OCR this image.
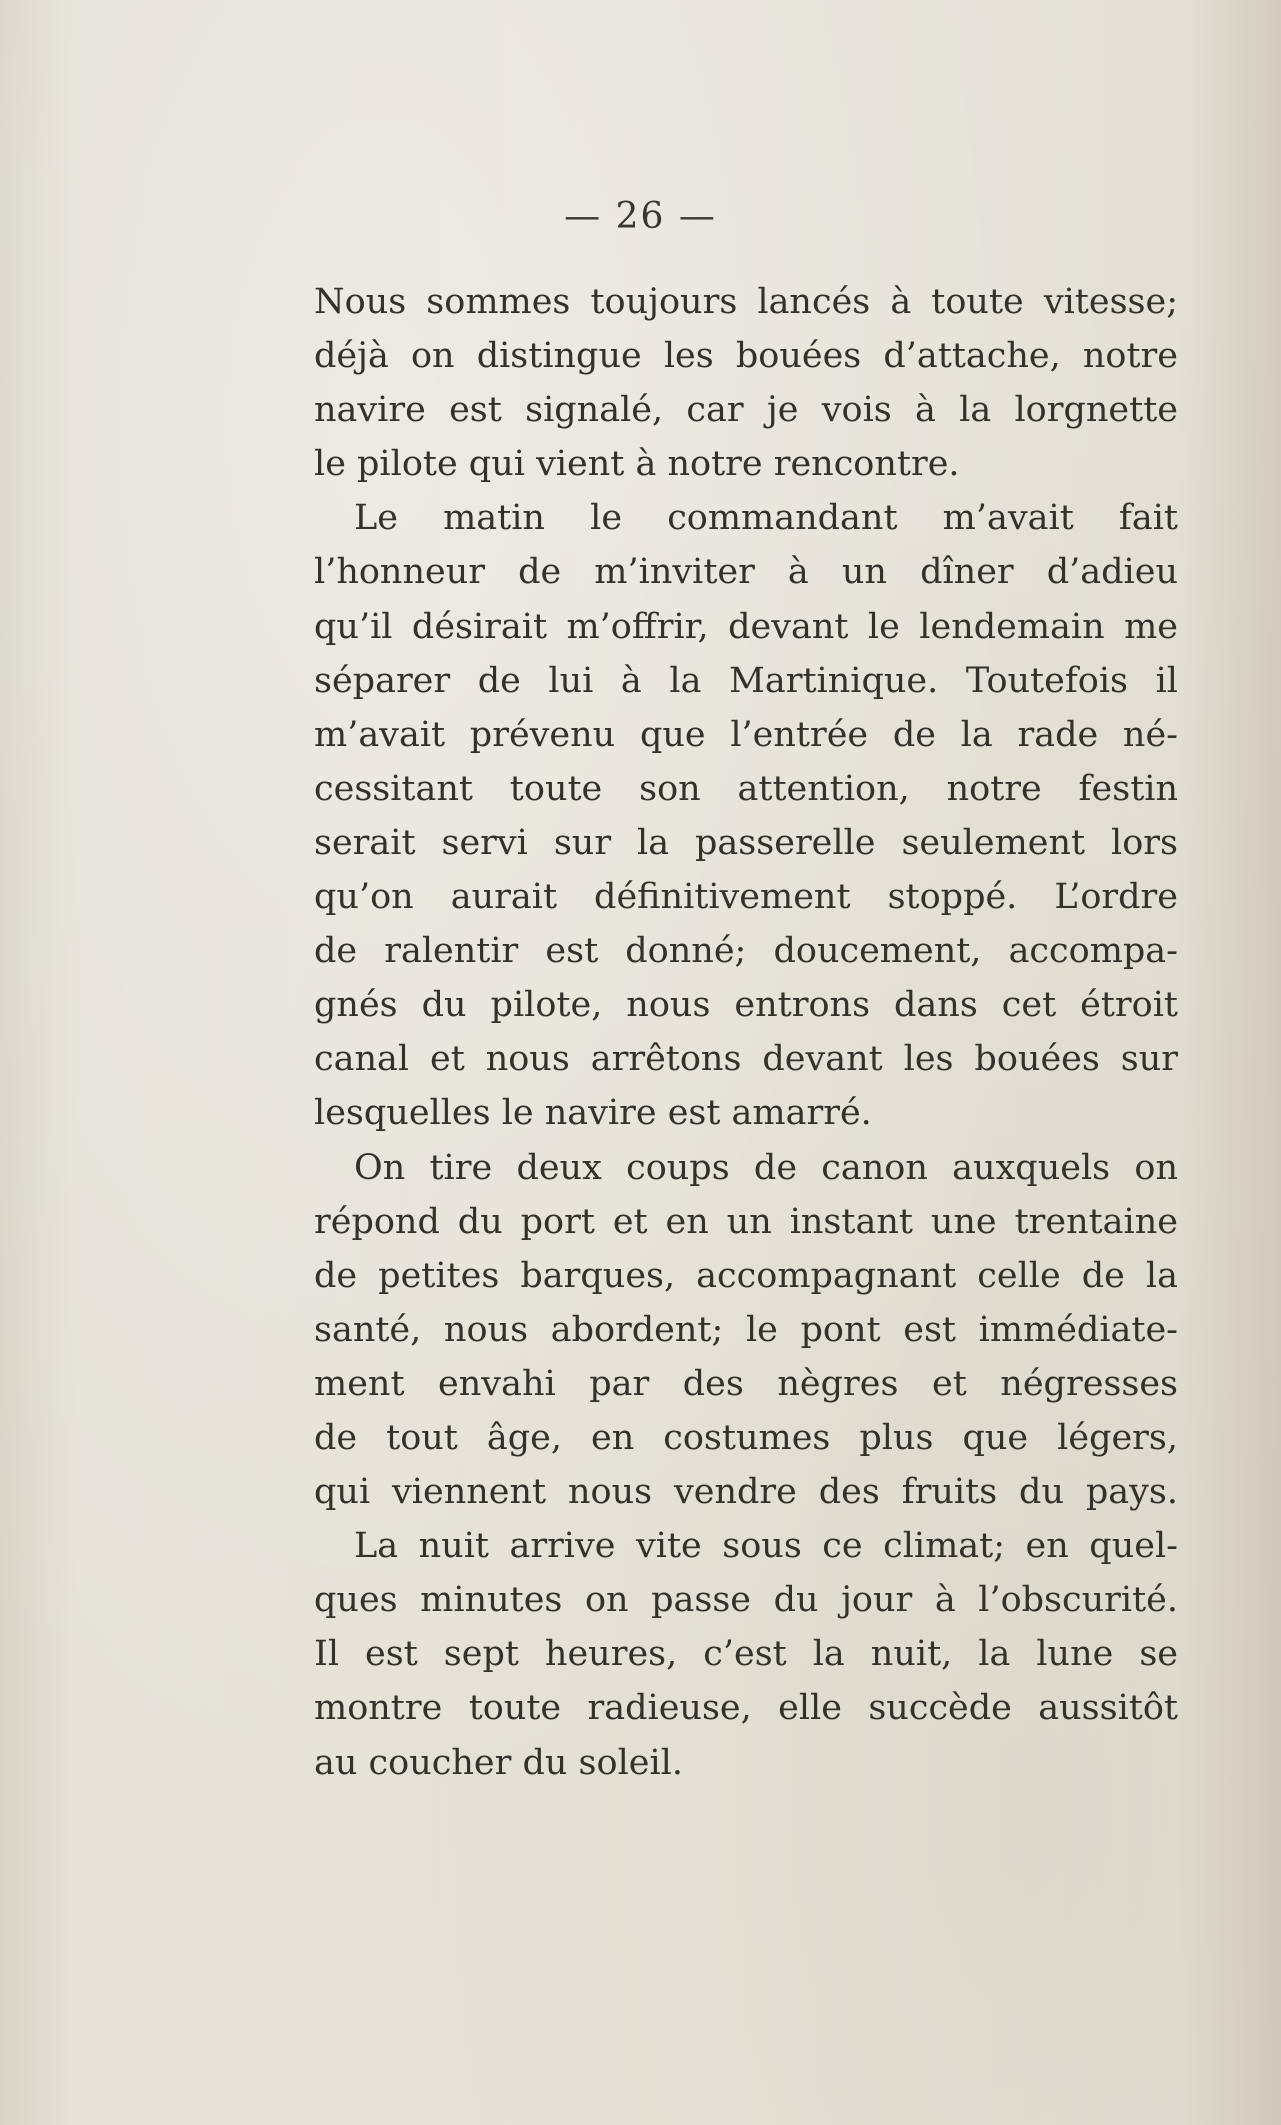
— 26 —
Nous sommes toujours lancés à toute vitesse;
déjà on distingue les bouées d’attache, notre
navire est signalé, car je vois à la lorgnette
le pilote qui vient à notre rencontre.
Le matin le commandant m’avait fait
l’honneur de m’inviter à un dîner d’adieu
qu’il désirait m’offrir, devant le lendemain me
séparer de lui à la Martinique. Toutefois il
m’avait prévenu que l’entrée de la rade né-
cessitant toute son attention, notre festin
serait servi sur la passerelle seulement lors
qu’on aurait définitivement stoppé. L’ordre
de ralentir est donné; doucement, accompa-
gnés du pilote, nous entrons dans cet étroit
canal et nous arrêtons devant les bouées sur
lesquelles le navire est amarré.
On tire deux coups de canon auxquels on
répond du port et en un instant une trentaine
de petites barques, accompagnant celle de la
santé, nous abordent; le pont est immédiate-
ment envahi par des nègres et négresses
de tout âge, en costumes plus que légers,
qui viennent nous vendre des fruits du pays.
La nuit arrive vite sous ce climat; en quel-
ques minutes on passe du jour à l’obscurité.
Il est sept heures, c’est la nuit, la lune se
montre toute radieuse, elle succède aussitôt
au coucher du soleil.
